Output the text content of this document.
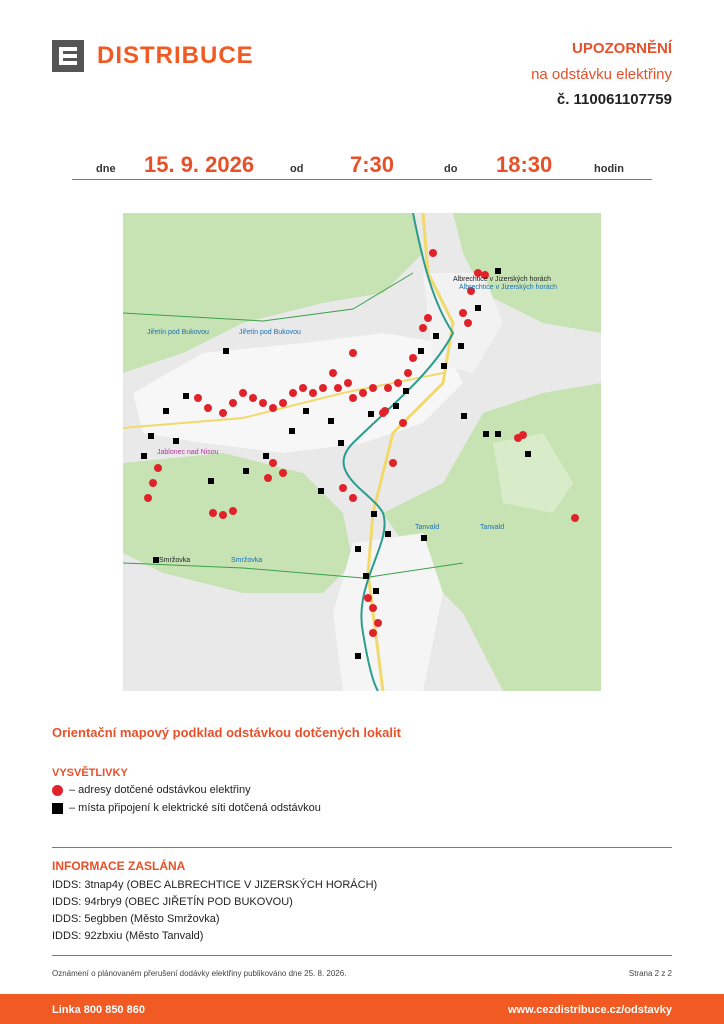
DISTRIBUCE	UPOZORNĚNÍ
na odstávku elektřiny
č. 110061107759
dne 15. 9. 2026	od 7:30	do 18:30	hodin
Albrechtice v Jizerských horách
Albrechtice v Jizerských horách
Jiřetín pod Bukovou	Jiřetín pod Bukovou
Jablonec nad Nisou
Tanvald	Tanvald
Smržovka	Smržovka
Orientační mapový podklad odstávkou dotčených lokalit
VYSVĚTLIVKY
– adresy dotčené odstávkou elektřiny
– místa připojení k elektrické síti dotčená odstávkou
INFORMACE ZASLÁNA
IDDS: 3tnap4y (OBEC ALBRECHTICE V JIZERSKÝCH HORÁCH)
IDDS: 94rbry9 (OBEC JIŘETÍN POD BUKOVOU)
IDDS: 5egbben (Město Smržovka)
IDDS: 92zbxiu (Město Tanvald)
Oznámení o plánovaném přerušení dodávky elektřiny publikováno dne 25. 8. 2026.	Strana 2 z 2
Linka 800 850 860	www.cezdistribuce.cz/odstavky
